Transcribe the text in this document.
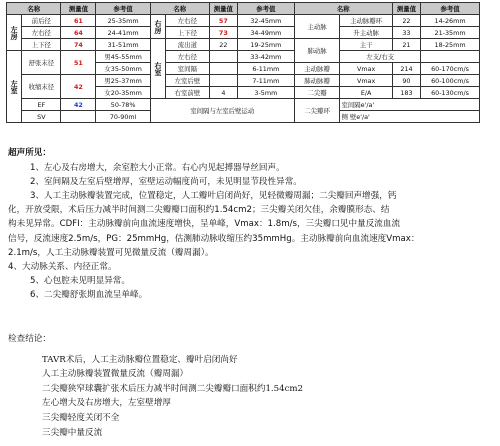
名称		测量值	参考值	名称		测量值	参考值	名称		测量值	参考值
左房	前后径	61	25-35mm	右房	左右径	57	32-45mm	主动脉	主动脉瓣环	22	14-26mm
	左右径	64	24-41mm		上下径	73	34-49mm		升主动脉	33	21-35mm
	上下径	74	31-51mm	右室	流出道	22	19-25mm	肺动脉	主干	21	18-25mm
左室	舒张末径	51	男45-55mm		左右径		33-42mm		左支/右支		
			女35-50mm		室间隔		6-11mm	主动脉瓣	Vmax	214	60-170cm/s
	收缩末径	42	男25-37mm		左室后壁		7-11mm	肺动脉瓣	Vmax	90	60-100cm/s
			女20-35mm		右室前壁	4	3-5mm	二尖瓣	E/A	183	60-130cm/s
	EF	42	50-78%	室间隔与左室后壁运动				二尖瓣环	室间隔e'/a'		
	SV		70-90ml						侧 壁e'/a'		
超声所见：

1、左心及右房增大，余室腔大小正常。右心内见起搏器导丝回声。

2、室间隔及左室后壁增厚，室壁运动幅度尚可，未见明显节段性异常。

3、人工主动脉瓣装置完成，位置稳定，人工瓣叶启闭尚好，见轻微瓣周漏；二尖瓣回声增强，钙

化，开放受限，术后压力减半时间测二尖瓣瓣口面积约1.54cm2；三尖瓣关闭欠佳，余瓣膜形态、结

构未见异常。CDFI：主动脉瓣前向血流速度增快，呈单峰，Vmax：1.8m/s，三尖瓣口见中量反流血流

信号，反流速度2.5m/s，PG：25mmHg，估测肺动脉收缩压约35mmHg。主动脉瓣前向血流速度Vmax：

2.1m/s，人工主动脉瓣装置可见微量反流（瓣周漏）。

4、大动脉关系、内径正常。

5、心包腔未见明显异常。

6、二尖瓣舒张期血流呈单峰。

检查结论：

TAVR术后，人工主动脉瓣位置稳定、瓣叶启闭尚好

人工主动脉瓣装置微量反流（瓣周漏）

二尖瓣狭窄球囊扩张术后压力减半时间测二尖瓣瓣口面积约1.54cm2

左心增大及右房增大，左室壁增厚

三尖瓣轻度关闭不全

三尖瓣中量反流
